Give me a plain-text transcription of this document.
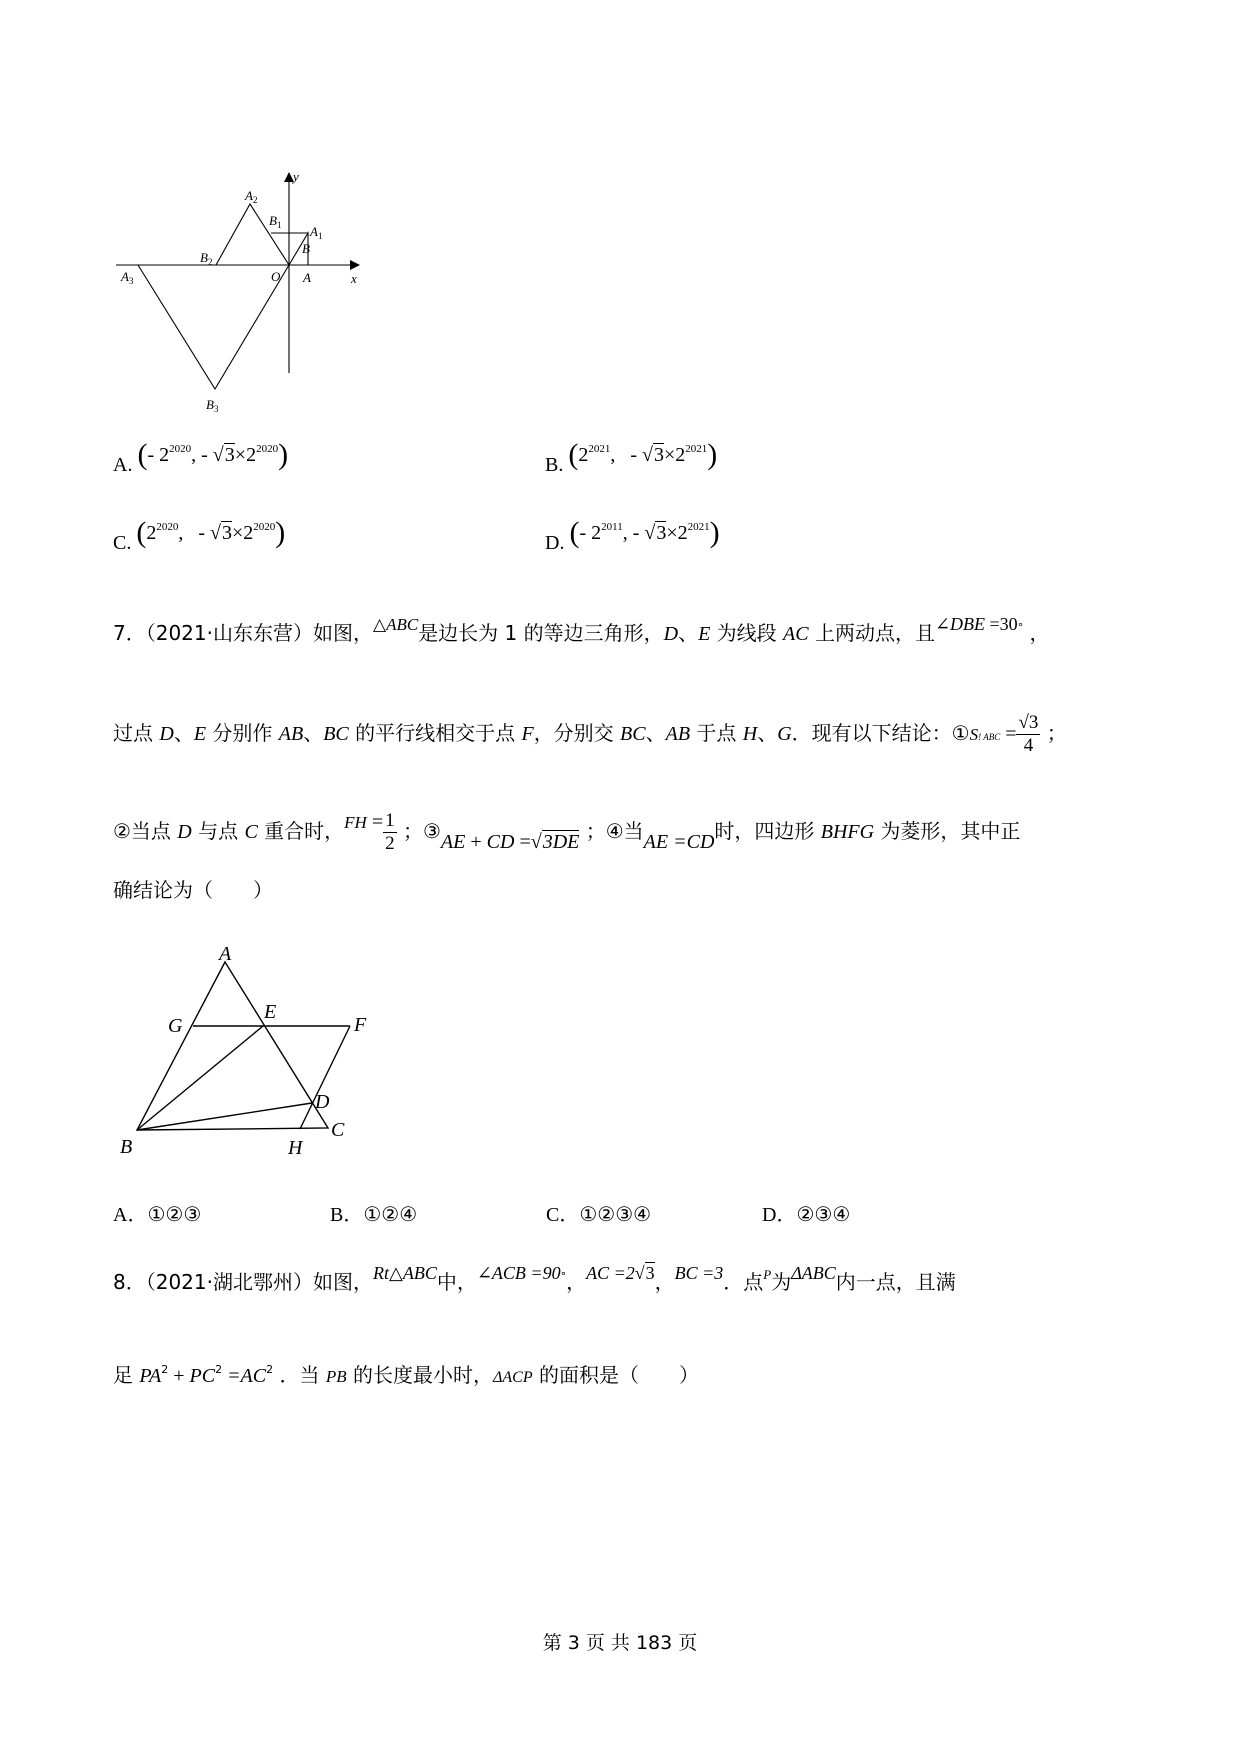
y
x
O A
B
$A_1$
$B_1$
$A_2$
$B_2$
$A_3$
$B_3$
A. (- $2^{2020}$, - $√3\times 2^{2020}$)	B. ($2^{2021}$,   - $√3\times 2^{2021}$)
C. ($2^{2020}$,   - $√3\times 2^{2020}$)	D. (- $2^{2011}$, - $√3\times 2^{2021}$)
7．（2021·山东东营）如图，$^{\triangle ABC}$是边长为 1 的等边三角形，D、E 为线段 AC 上两动点，且∠DBE =30° ，
过点 D、E 分别作 AB、BC 的平行线相交于点 F，分别交 BC、AB 于点 H、G．现有以下结论：①S! ABC = $\frac{√3}{4}$ ；
②当点 D 与点 C 重合时，$^{FH} = \frac{1}{2}$ ；③AE + CD =√3DE ；④当AE =CD时，四边形 BHFG 为菱形，其中正
确结论为（　　）
A
B
C
D
E
F
G
H
A．①②③	B．①②④	C．①②③④	D．②③④
8．（2021·湖北鄂州）如图，Rt△ABC中，∠ACB =90°，AC =2√3，BC =3．点$^P$为ΔABC内一点，且满
足 $PA^2 + PC^2 =AC^2$ ．当 PB 的长度最小时，ΔACP 的面积是（　　）
第 3 页 共 183 页
